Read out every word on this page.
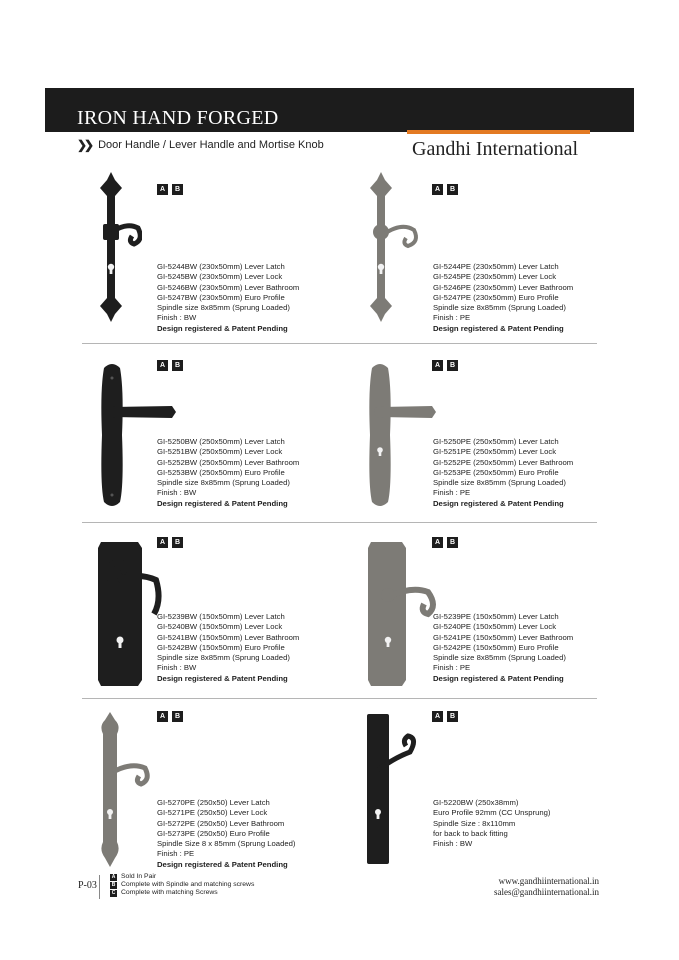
IRON HAND FORGED
❯❯ Door Handle / Lever Handle and Mortise Knob	Gandhi International
A	B
GI-5244BW (230x50mm) Lever Latch
GI-5245BW (230x50mm) Lever Lock
GI-5246BW (230x50mm) Lever Bathroom
GI-5247BW (230x50mm) Euro Profile
Spindle size 8x85mm (Sprung Loaded)
Finish : BW
Design registered & Patent Pending
A	B
GI-5244PE (230x50mm) Lever Latch
GI-5245PE (230x50mm) Lever Lock
GI-5246PE (230x50mm) Lever Bathroom
GI-5247PE (230x50mm) Euro Profile
Spindle size 8x85mm (Sprung Loaded)
Finish : PE
Design registered & Patent Pending
A	B
GI-5250BW (250x50mm) Lever Latch
GI-5251BW (250x50mm) Lever Lock
GI-5252BW (250x50mm) Lever Bathroom
GI-5253BW (250x50mm) Euro Profile
Spindle size 8x85mm (Sprung Loaded)
Finish : BW
Design registered & Patent Pending
A	B
GI-5250PE (250x50mm) Lever Latch
GI-5251PE (250x50mm) Lever Lock
GI-5252PE (250x50mm) Lever Bathroom
GI-5253PE (250x50mm) Euro Profile
Spindle size 8x85mm (Sprung Loaded)
Finish : PE
Design registered & Patent Pending
A	B
GI-5239BW (150x50mm) Lever Latch
GI-5240BW (150x50mm) Lever Lock
GI-5241BW (150x50mm) Lever Bathroom
GI-5242BW (150x50mm) Euro Profile
Spindle size 8x85mm (Sprung Loaded)
Finish : BW
Design registered & Patent Pending
A	B
GI-5239PE (150x50mm) Lever Latch
GI-5240PE (150x50mm) Lever Lock
GI-5241PE (150x50mm) Lever Bathroom
GI-5242PE (150x50mm) Euro Profile
Spindle size 8x85mm (Sprung Loaded)
Finish : PE
Design registered & Patent Pending
A	B
GI-5270PE (250x50) Lever Latch
GI-5271PE (250x50) Lever Lock
GI-5272PE (250x50) Lever Bathroom
GI-5273PE (250x50) Euro Profile
Spindle Size 8 x 85mm (Sprung Loaded)
Finish : PE
Design registered & Patent Pending
A	B
GI-5220BW (250x38mm)
Euro Profile 92mm (CC Unsprung)
Spindle Size : 8x110mm
for back to back fitting
Finish : BW
P-03
A Sold In Pair
B Complete with Spindle and matching screws
C Complete with matching Screws
www.gandhiinternational.in
sales@gandhiinternational.in
